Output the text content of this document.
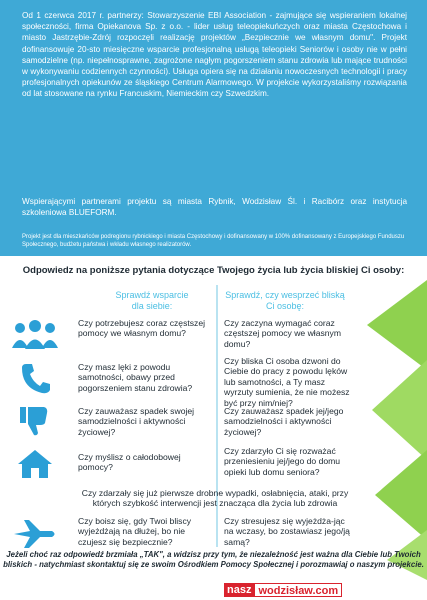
Od 1 czerwca 2017 r. partnerzy: Stowarzyszenie EBI Association - zajmujące się wspieraniem lokalnej społeczności, firma Opiekanova Sp. z o.o. - lider usług teleopiekuńczych oraz miasta Częstochowa i miasto Jastrzębie-Zdrój rozpoczęli realizację projektów „Bezpiecznie we własnym domu". Projekt dofinansowuje 20-sto miesięczne wsparcie profesjonalną usługą teleopieki Seniorów i osoby nie w pełni samodzielne (np. niepełnosprawne, zagrożone nagłym pogorszeniem stanu zdrowia lub mające trudności w wykonywaniu codziennych czynności). Usługa opiera się na działaniu nowoczesnych technologii i pracy profesjonalnych opiekunów ze śląskiego Centrum Alarmowego. W projekcie wykorzystaliśmy rozwiązania od lat stosowane na rynku Francuskim, Niemieckim czy Szwedzkim.

Wspierającymi partnerami projektu są miasta Rybnik, Wodzisław Śl. i Racibórz oraz instytucja szkoleniowa BLUEFORM.

Projekt jest dla mieszkańców podregionu rybnickiego i miasta Częstochowy i dofinansowany w 100% dofinansowany z Europejskiego Funduszu Społecznego, budżetu państwa i wkładu własnego realizatorów.

Odpowiedz na poniższe pytania dotyczące Twojego życia lub życia bliskiej Ci osoby:
Sprawdź wsparcie dla siebie:
Sprawdź, czy wesprzeć bliską Ci osobę:
Czy potrzebujesz coraz częstszej pomocy we własnym domu?
Czy zaczyna wymagać coraz częstszej pomocy we własnym domu?
Czy masz lęki z powodu samotności, obawy przed pogorszeniem stanu zdrowia?
Czy bliska Ci osoba dzwoni do Ciebie do pracy z powodu lęków lub samotności, a Ty masz wyrzuty sumienia, że nie możesz być przy nim/niej?
Czy zauważasz spadek swojej samodzielności i aktywności życiowej?
Czy zauważasz spadek jej/jego samodzielności i aktywności życiowej?
Czy myślisz o całodobowej pomocy?
Czy zdarzyło Ci się rozważać przeniesieniu jej/jego do domu opieki lub domu seniora?
Czy zdarzały się już pierwsze drobne wypadki, osłabnięcia, ataki, przy których szybkość interwencji jest znacząca dla życia lub zdrowia
Czy boisz się, gdy Twoi bliscy wyjeżdżają na dłużej, bo nie czujesz się bezpiecznie?
Czy stresujesz się wyjeżdża-jąc na wczasy, bo zostawiasz jego/ją samą?
Jeżeli choć raz odpowiedź brzmiała „TAK", a widzisz przy tym, że niezależność jest ważna dla Ciebie lub Twoich bliskich - natychmiast skontaktuj się ze swoim Ośrodkiem Pomocy Społecznej i porozmawiaj o naszym projekcie.
nasz wodzisław.com
